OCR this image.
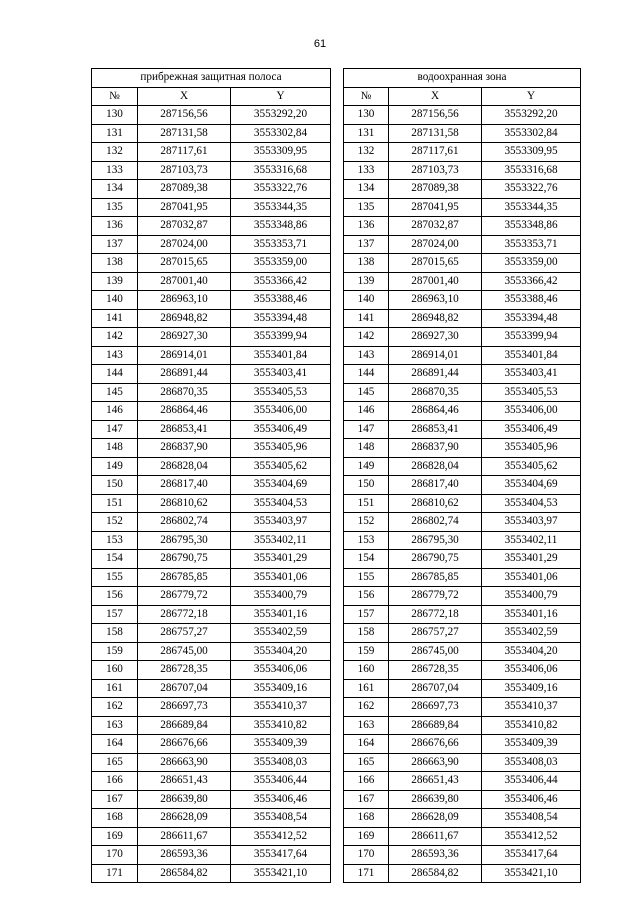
61
прибрежная защитная полоса		
№	X	Y
130	287156,56	3553292,20
131	287131,58	3553302,84
132	287117,61	3553309,95
133	287103,73	3553316,68
134	287089,38	3553322,76
135	287041,95	3553344,35
136	287032,87	3553348,86
137	287024,00	3553353,71
138	287015,65	3553359,00
139	287001,40	3553366,42
140	286963,10	3553388,46
141	286948,82	3553394,48
142	286927,30	3553399,94
143	286914,01	3553401,84
144	286891,44	3553403,41
145	286870,35	3553405,53
146	286864,46	3553406,00
147	286853,41	3553406,49
148	286837,90	3553405,96
149	286828,04	3553405,62
150	286817,40	3553404,69
151	286810,62	3553404,53
152	286802,74	3553403,97
153	286795,30	3553402,11
154	286790,75	3553401,29
155	286785,85	3553401,06
156	286779,72	3553400,79
157	286772,18	3553401,16
158	286757,27	3553402,59
159	286745,00	3553404,20
160	286728,35	3553406,06
161	286707,04	3553409,16
162	286697,73	3553410,37
163	286689,84	3553410,82
164	286676,66	3553409,39
165	286663,90	3553408,03
166	286651,43	3553406,44
167	286639,80	3553406,46
168	286628,09	3553408,54
169	286611,67	3553412,52
170	286593,36	3553417,64
171	286584,82	3553421,10
водоохранная зона		
№	X	Y
130	287156,56	3553292,20
131	287131,58	3553302,84
132	287117,61	3553309,95
133	287103,73	3553316,68
134	287089,38	3553322,76
135	287041,95	3553344,35
136	287032,87	3553348,86
137	287024,00	3553353,71
138	287015,65	3553359,00
139	287001,40	3553366,42
140	286963,10	3553388,46
141	286948,82	3553394,48
142	286927,30	3553399,94
143	286914,01	3553401,84
144	286891,44	3553403,41
145	286870,35	3553405,53
146	286864,46	3553406,00
147	286853,41	3553406,49
148	286837,90	3553405,96
149	286828,04	3553405,62
150	286817,40	3553404,69
151	286810,62	3553404,53
152	286802,74	3553403,97
153	286795,30	3553402,11
154	286790,75	3553401,29
155	286785,85	3553401,06
156	286779,72	3553400,79
157	286772,18	3553401,16
158	286757,27	3553402,59
159	286745,00	3553404,20
160	286728,35	3553406,06
161	286707,04	3553409,16
162	286697,73	3553410,37
163	286689,84	3553410,82
164	286676,66	3553409,39
165	286663,90	3553408,03
166	286651,43	3553406,44
167	286639,80	3553406,46
168	286628,09	3553408,54
169	286611,67	3553412,52
170	286593,36	3553417,64
171	286584,82	3553421,10
